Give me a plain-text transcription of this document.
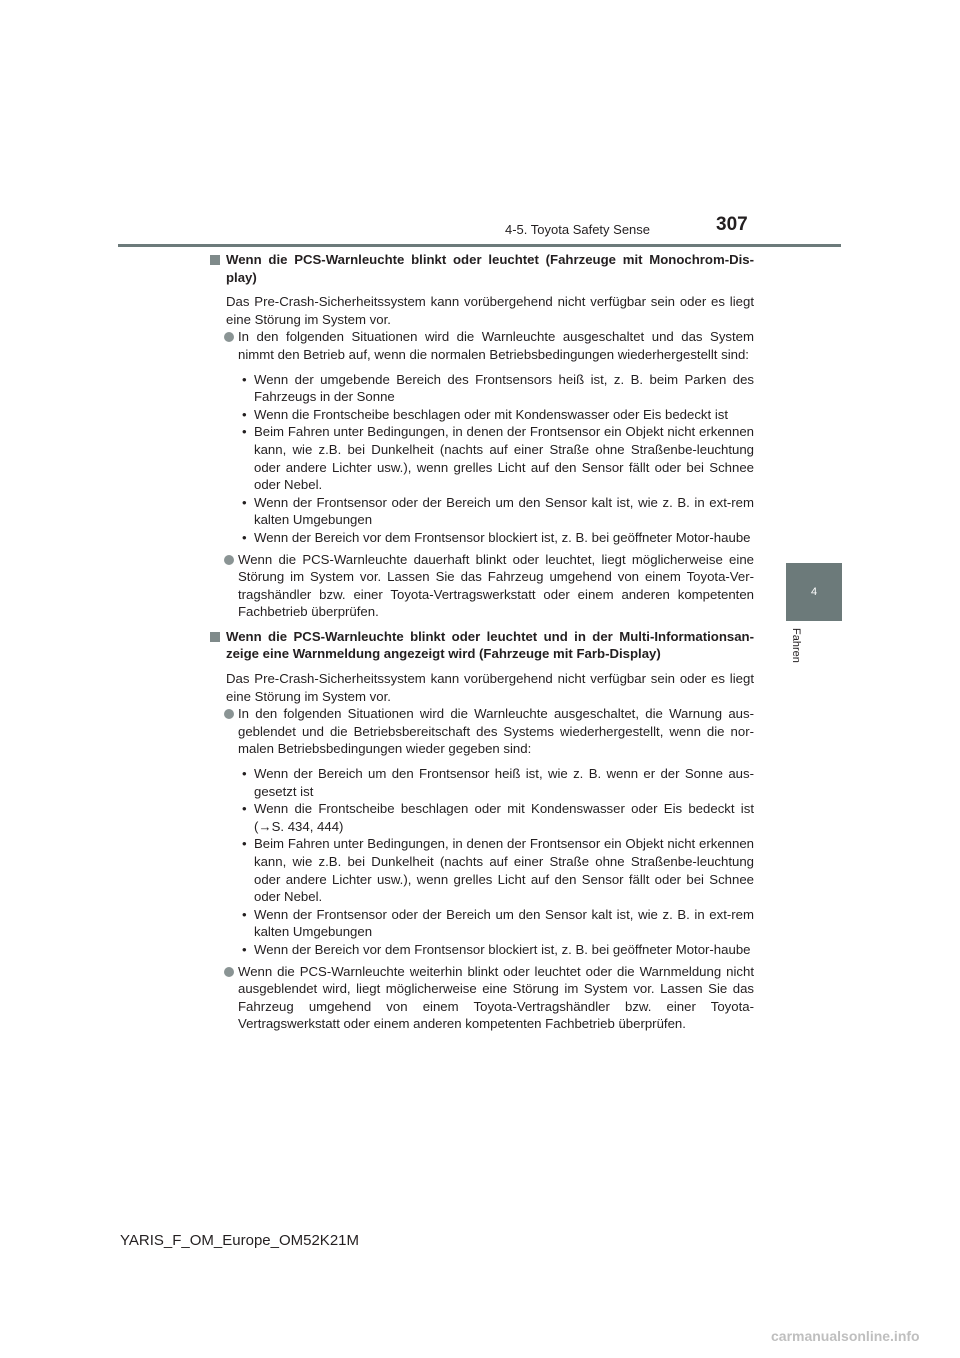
4-5. Toyota Safety Sense	307
4
Fahren
Wenn die PCS-Warnleuchte blinkt oder leuchtet (Fahrzeuge mit Monochrom-Dis-play)

Das Pre-Crash-Sicherheitssystem kann vorübergehend nicht verfügbar sein oder es liegt eine Störung im System vor.

In den folgenden Situationen wird die Warnleuchte ausgeschaltet und das System nimmt den Betrieb auf, wenn die normalen Betriebsbedingungen wiederhergestellt sind:
• Wenn der umgebende Bereich des Frontsensors heiß ist, z. B. beim Parken des Fahrzeugs in der Sonne
• Wenn die Frontscheibe beschlagen oder mit Kondenswasser oder Eis bedeckt ist
• Beim Fahren unter Bedingungen, in denen der Frontsensor ein Objekt nicht erkennen kann, wie z.B. bei Dunkelheit (nachts auf einer Straße ohne Straßenbe-leuchtung oder andere Lichter usw.), wenn grelles Licht auf den Sensor fällt oder bei Schnee oder Nebel.
• Wenn der Frontsensor oder der Bereich um den Sensor kalt ist, wie z. B. in ext-rem kalten Umgebungen
• Wenn der Bereich vor dem Frontsensor blockiert ist, z. B. bei geöffneter Motor-haube
Wenn die PCS-Warnleuchte dauerhaft blinkt oder leuchtet, liegt möglicherweise eine Störung im System vor. Lassen Sie das Fahrzeug umgehend von einem Toyota-Ver-tragshändler bzw. einer Toyota-Vertragswerkstatt oder einem anderen kompetenten Fachbetrieb überprüfen.
Wenn die PCS-Warnleuchte blinkt oder leuchtet und in der Multi-Informationsan-zeige eine Warnmeldung angezeigt wird (Fahrzeuge mit Farb-Display)

Das Pre-Crash-Sicherheitssystem kann vorübergehend nicht verfügbar sein oder es liegt eine Störung im System vor.

In den folgenden Situationen wird die Warnleuchte ausgeschaltet, die Warnung aus-geblendet und die Betriebsbereitschaft des Systems wiederhergestellt, wenn die nor-malen Betriebsbedingungen wieder gegeben sind:
• Wenn der Bereich um den Frontsensor heiß ist, wie z. B. wenn er der Sonne aus-gesetzt ist
• Wenn die Frontscheibe beschlagen oder mit Kondenswasser oder Eis bedeckt ist (→S. 434, 444)
• Beim Fahren unter Bedingungen, in denen der Frontsensor ein Objekt nicht erkennen kann, wie z.B. bei Dunkelheit (nachts auf einer Straße ohne Straßenbe-leuchtung oder andere Lichter usw.), wenn grelles Licht auf den Sensor fällt oder bei Schnee oder Nebel.
• Wenn der Frontsensor oder der Bereich um den Sensor kalt ist, wie z. B. in ext-rem kalten Umgebungen
• Wenn der Bereich vor dem Frontsensor blockiert ist, z. B. bei geöffneter Motor-haube
Wenn die PCS-Warnleuchte weiterhin blinkt oder leuchtet oder die Warnmeldung nicht ausgeblendet wird, liegt möglicherweise eine Störung im System vor. Lassen Sie das Fahrzeug umgehend von einem Toyota-Vertragshändler bzw. einer Toyota-Vertragswerkstatt oder einem anderen kompetenten Fachbetrieb überprüfen.
YARIS_F_OM_Europe_OM52K21M
carmanualsonline.info
